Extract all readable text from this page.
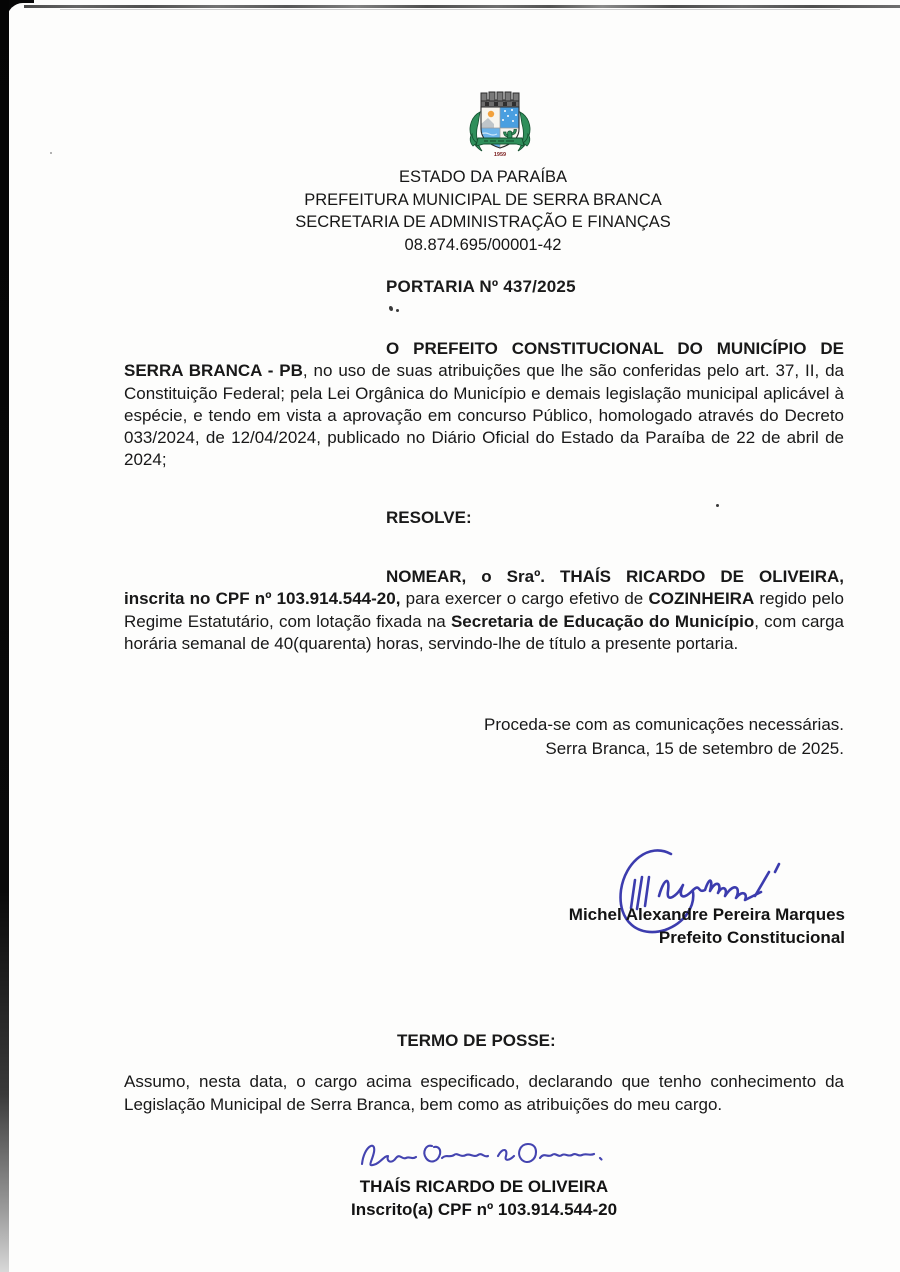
1959
ESTADO DA PARAÍBA
PREFEITURA MUNICIPAL DE SERRA BRANCA
SECRETARIA DE ADMINISTRAÇÃO E FINANÇAS
08.874.695/00001-42
PORTARIA Nº 437/2025
O PREFEITO CONSTITUCIONAL DO MUNICÍPIO DE SERRA BRANCA - PB, no uso de suas atribuições que lhe são conferidas pelo art. 37, II, da Constituição Federal; pela Lei Orgânica do Município e demais legislação municipal aplicável à espécie, e tendo em vista a aprovação em concurso Público, homologado através do Decreto 033/2024, de 12/04/2024, publicado no Diário Oficial do Estado da Paraíba de 22 de abril de 2024;
RESOLVE:
NOMEAR, o Sraº. THAÍS RICARDO DE OLIVEIRA, inscrita no CPF nº 103.914.544-20, para exercer o cargo efetivo de COZINHEIRA regido pelo Regime Estatutário, com lotação fixada na Secretaria de Educação do Município, com carga horária semanal de 40(quarenta) horas, servindo-lhe de título a presente portaria.
Proceda-se com as comunicações necessárias.
Serra Branca, 15 de setembro de 2025.
Michel Alexandre Pereira Marques
Prefeito Constitucional
TERMO DE POSSE:
Assumo, nesta data, o cargo acima especificado, declarando que tenho conhecimento da Legislação Municipal de Serra Branca, bem como as atribuições do meu cargo.
THAÍS RICARDO DE OLIVEIRA
Inscrito(a) CPF nº 103.914.544-20
